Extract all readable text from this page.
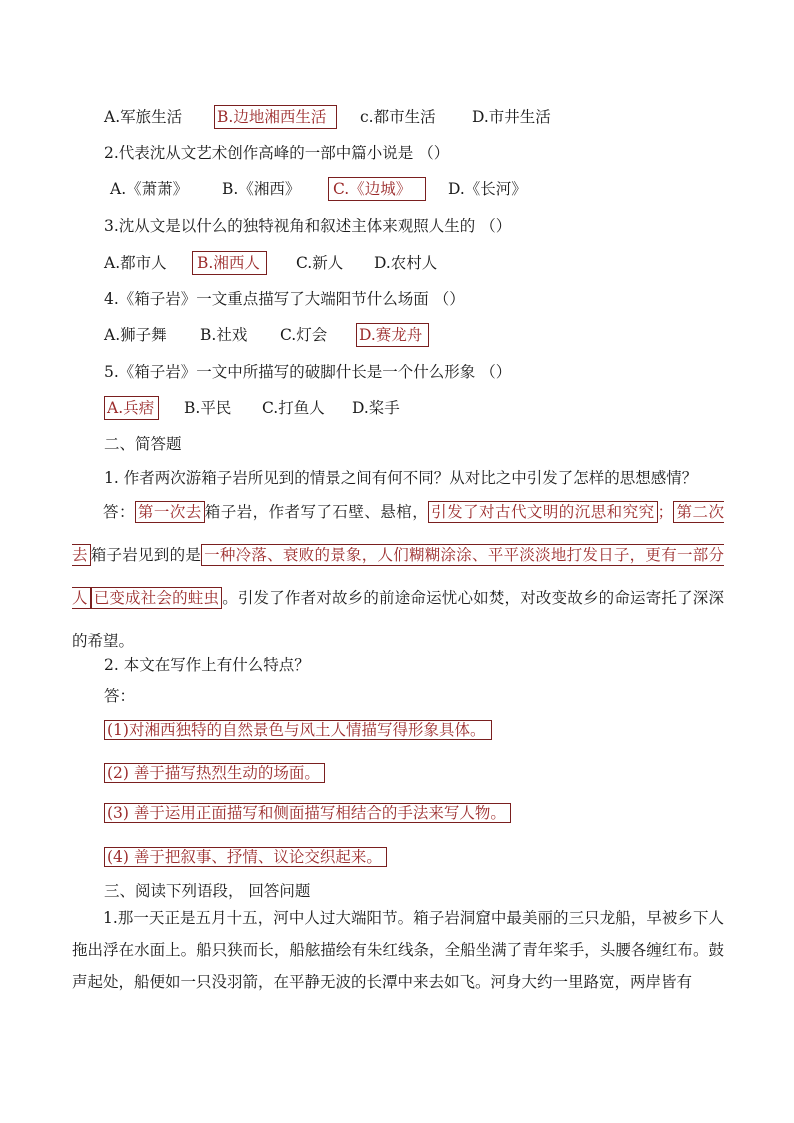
A.军旅生活 B.边地湘西生活	c.都市生活 D.市井生活
2.代表沈从文艺术创作高峰的一部中篇小说是 （）
A.《萧萧》 B.《湘西》	C.《边城》	D.《长河》
3.沈从文是以什么的独特视角和叙述主体来观照人生的 （）
A.都市人	B.湘西人	C.新人 D.农村人
4.《箱子岩》一文重点描写了大端阳节什么场面 （）
A.狮子舞 B.社戏 C.灯会 D.赛龙舟
5.《箱子岩》一文中所描写的破脚什长是一个什么形象 （）
A.兵痞	B.平民 C.打鱼人 D.桨手
二、简答题
1. 作者两次游箱子岩所见到的情景之间有何不同？从对比之中引发了怎样的思想感情？

答： 第一次去 箱子岩，作者写了石壁、悬棺， 引发了对古代文明的沉思和究究 ； 第二次去 箱子岩见到的是 一种冷落、衰败的景象，人们糊糊涂涂、平平淡淡地打发日子，更有一部分人 已变成社会的蛀虫 。引发了作者对故乡的前途命运忧心如焚，对改变故乡的命运寄托了深深的希望。

2. 本文在写作上有什么特点？
答：
(1)对湘西独特的自然景色与风土人情描写得形象具体。
(2) 善于描写热烈生动的场面。
(3) 善于运用正面描写和侧面描写相结合的手法来写人物。
(4) 善于把叙事、抒情、议论交织起来。
三、阅读下列语段， 回答问题

1.那一天正是五月十五，河中人过大端阳节。箱子岩洞窟中最美丽的三只龙船，早被乡下人拖出浮在水面上。船只狭而长，船舷描绘有朱红线条，全船坐满了青年桨手，头腰各缠红布。鼓声起处，船便如一只没羽箭，在平静无波的长潭中来去如飞。河身大约一里路宽，两岸皆有
